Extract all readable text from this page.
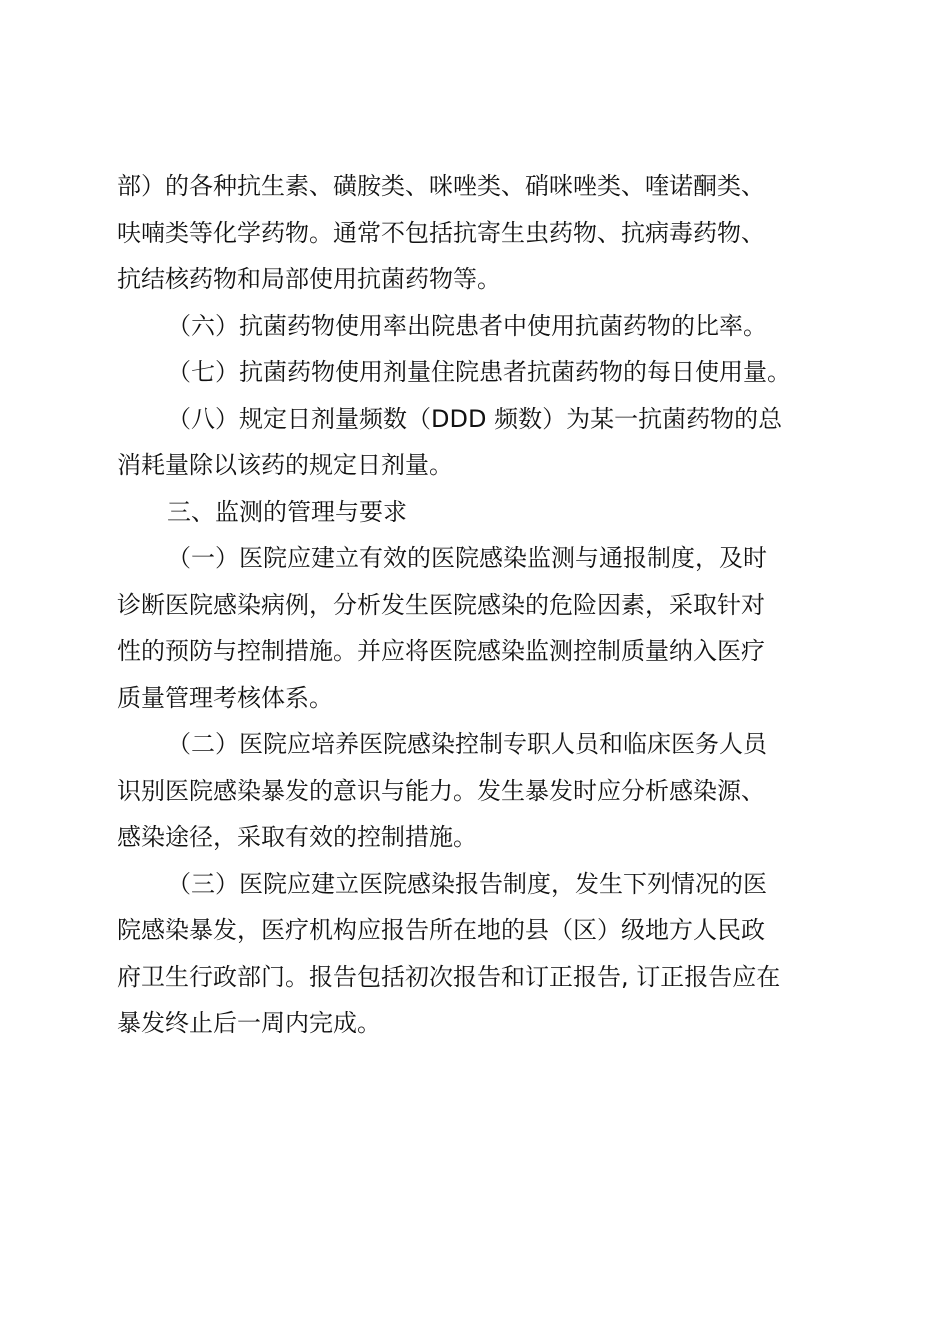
部）的各种抗生素、磺胺类、咪唑类、硝咪唑类、喹诺酮类、
呋喃类等化学药物。通常不包括抗寄生虫药物、抗病毒药物、
抗结核药物和局部使用抗菌药物等。
（六）抗菌药物使用率出院患者中使用抗菌药物的比率。
（七）抗菌药物使用剂量住院患者抗菌药物的每日使用量。
（八）规定日剂量频数（DDD 频数）为某一抗菌药物的总
消耗量除以该药的规定日剂量。
三、监测的管理与要求
（一）医院应建立有效的医院感染监测与通报制度，及时
诊断医院感染病例，分析发生医院感染的危险因素，采取针对
性的预防与控制措施。并应将医院感染监测控制质量纳入医疗
质量管理考核体系。
（二）医院应培养医院感染控制专职人员和临床医务人员
识别医院感染暴发的意识与能力。发生暴发时应分析感染源、
感染途径，采取有效的控制措施。
（三）医院应建立医院感染报告制度，发生下列情况的医
院感染暴发，医疗机构应报告所在地的县（区）级地方人民政
府卫生行政部门。报告包括初次报告和订正报告, 订正报告应在
暴发终止后一周内完成。
